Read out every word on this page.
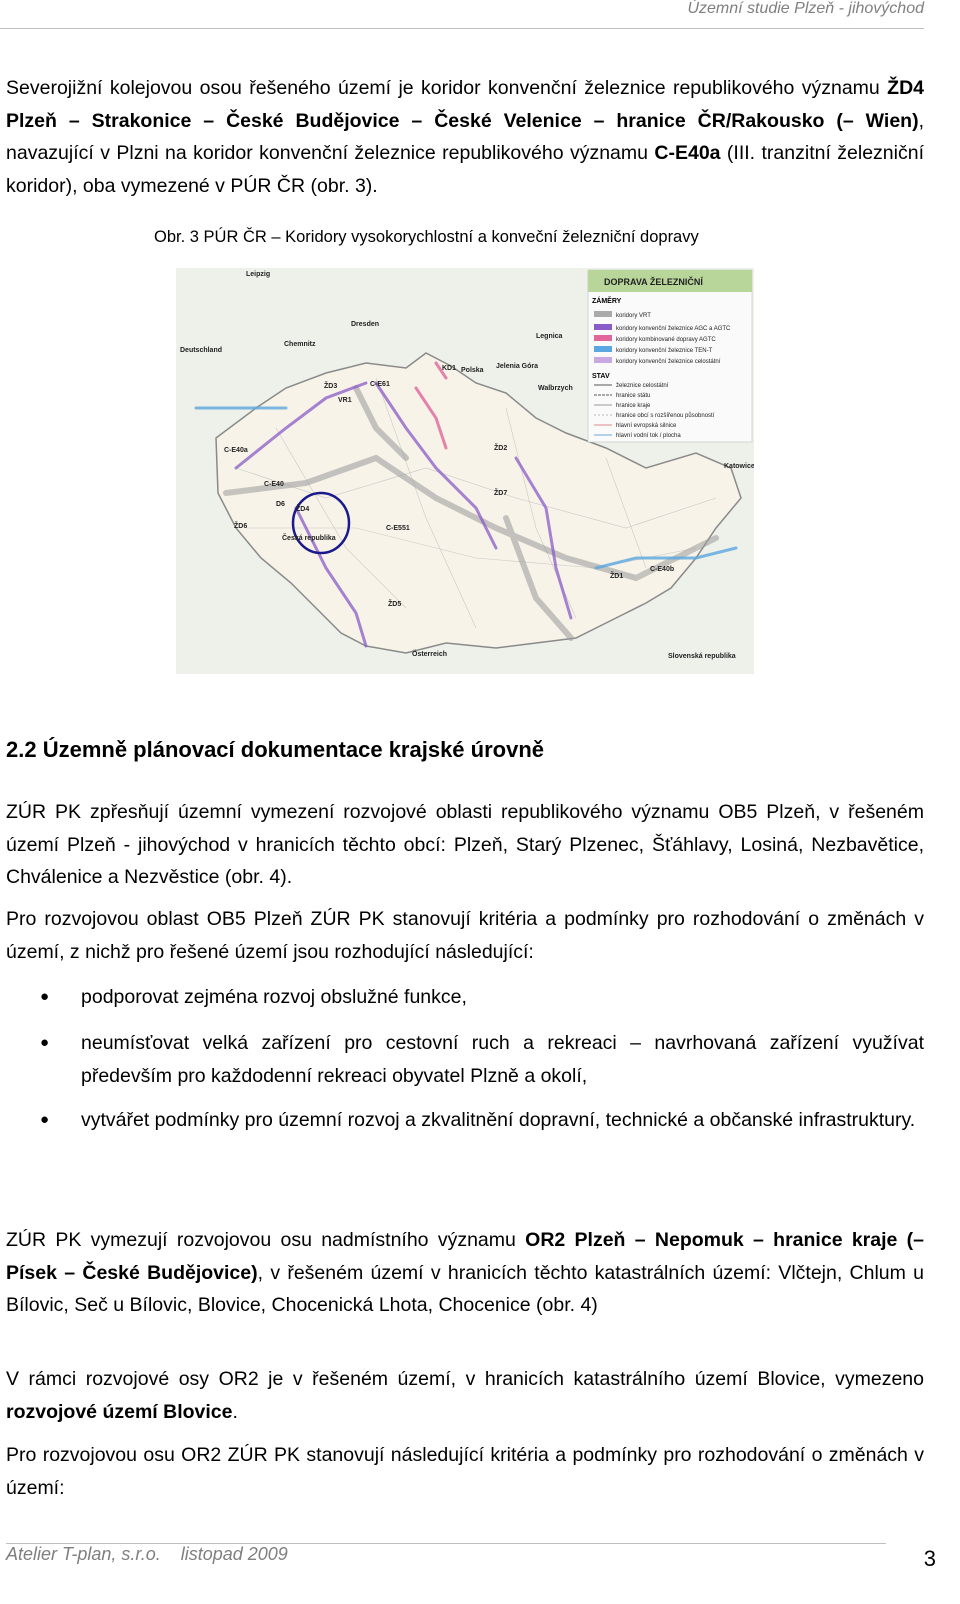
Územní studie Plzeň - jihovýchod
Severojižní kolejovou osou řešeného území je koridor konvenční železnice republikového významu ŽD4 Plzeň – Strakonice – České Budějovice – České Velenice – hranice ČR/Rakousko (– Wien), navazující v Plzni na koridor konvenční železnice republikového významu C-E40a (III. tranzitní železniční koridor), oba vymezené v PÚR ČR (obr. 3).
Obr. 3 PÚR ČR – Koridory vysokorychlostní a konveční železniční dopravy
Leipzig
Deutschland
Dresden
Chemnitz
Polska
Legnica
Jelenia Góra
Walbrzych
Česká republika
Österreich	Slovenská republika
Katowice
ŽD3	C-E61
VR1
KD1
ŽD2
C-E40a
C-E40
ŽD6
ŽD4
D6
C-E551
ŽD7
ŽD5
ŽD1
C-E40b
DOPRAVA ŽELEZNIČNÍ
ZÁMĚRY
koridory VRT
koridory konvenční železnice AGC a AGTC
koridory kombinované dopravy AGTC
koridory konvenční železnice TEN-T
koridory konvenční železnice celostátní
STAV
železnice celostátní
hranice státu
hranice kraje
hranice obcí s rozšířenou působností
hlavní evropská silnice
hlavní vodní tok / plocha
2.2 Územně plánovací dokumentace krajské úrovně
ZÚR PK zpřesňují územní vymezení rozvojové oblasti republikového významu OB5 Plzeň, v řešeném území Plzeň - jihovýchod v hranicích těchto obcí: Plzeň, Starý Plzenec, Šťáhlavy, Losiná, Nezbavětice, Chválenice a Nezvěstice (obr. 4).
Pro rozvojovou oblast OB5 Plzeň ZÚR PK stanovují kritéria a podmínky pro rozhodování o změnách v území, z nichž pro řešené území jsou rozhodující následující:
● podporovat zejména rozvoj obslužné funkce,
● neumísťovat velká zařízení pro cestovní ruch a rekreaci – navrhovaná zařízení využívat především pro každodenní rekreaci obyvatel Plzně a okolí,
● vytvářet podmínky pro územní rozvoj a zkvalitnění dopravní, technické a občanské infrastruktury.
ZÚR PK vymezují rozvojovou osu nadmístního významu OR2 Plzeň – Nepomuk – hranice kraje (– Písek – České Budějovice), v řešeném území v hranicích těchto katastrálních území: Vlčtejn, Chlum u Bílovic, Seč u Bílovic, Blovice, Chocenická Lhota, Chocenice (obr. 4)
V rámci rozvojové osy OR2 je v řešeném území, v hranicích katastrálního území Blovice, vymezeno rozvojové území Blovice.
Pro rozvojovou osu OR2 ZÚR PK stanovují následující kritéria a podmínky pro rozhodování o změnách v území:
Atelier T-plan, s.r.o. listopad 2009	3
